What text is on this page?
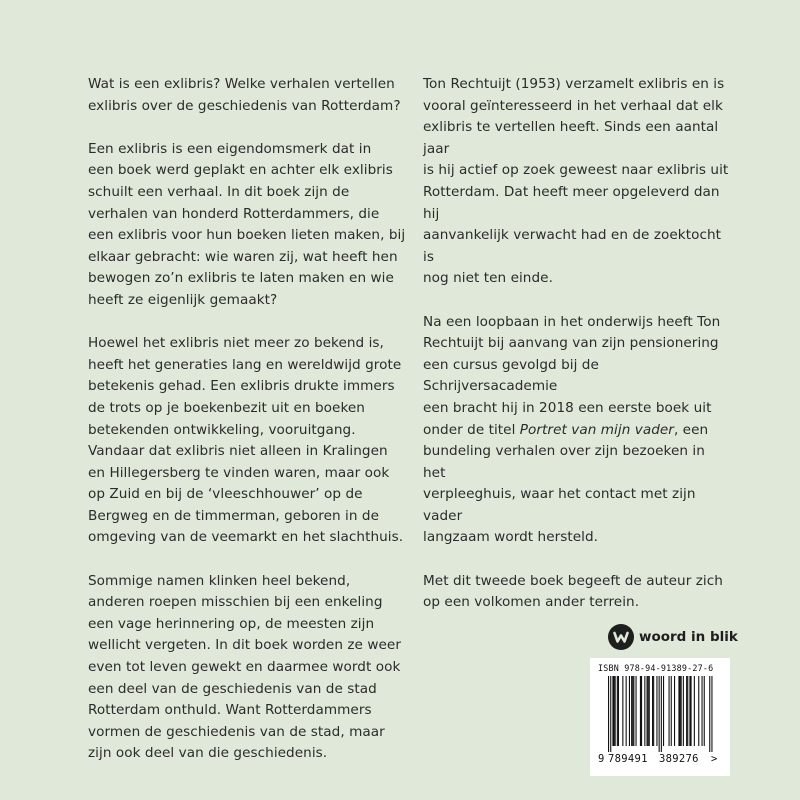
Wat is een exlibris? Welke verhalen vertellen
exlibris over de geschiedenis van Rotterdam?

Een exlibris is een eigendomsmerk dat in
een boek werd geplakt en achter elk exlibris
schuilt een verhaal. In dit boek zijn de
verhalen van honderd Rotterdammers, die
een exlibris voor hun boeken lieten maken, bij
elkaar gebracht: wie waren zij, wat heeft hen
bewogen zo’n exlibris te laten maken en wie
heeft ze eigenlijk gemaakt?

Hoewel het exlibris niet meer zo bekend is,
heeft het generaties lang en wereldwijd grote
betekenis gehad. Een exlibris drukte immers
de trots op je boekenbezit uit en boeken
betekenden ontwikkeling, vooruitgang.
Vandaar dat exlibris niet alleen in Kralingen
en Hillegersberg te vinden waren, maar ook
op Zuid en bij de ‘vleeschhouwer’ op de
Bergweg en de timmerman, geboren in de
omgeving van de veemarkt en het slachthuis.

Sommige namen klinken heel bekend,
anderen roepen misschien bij een enkeling
een vage herinnering op, de meesten zijn
wellicht vergeten. In dit boek worden ze weer
even tot leven gewekt en daarmee wordt ook
een deel van de geschiedenis van de stad
Rotterdam onthuld. Want Rotterdammers
vormen de geschiedenis van de stad, maar
zijn ook deel van die geschiedenis.

Ton Rechtuijt (1953) verzamelt exlibris en is
vooral geïnteresseerd in het verhaal dat elk
exlibris te vertellen heeft. Sinds een aantal jaar
is hij actief op zoek geweest naar exlibris uit
Rotterdam. Dat heeft meer opgeleverd dan hij
aanvankelijk verwacht had en de zoektocht is
nog niet ten einde.

Na een loopbaan in het onderwijs heeft Ton
Rechtuijt bij aanvang van zijn pensionering
een cursus gevolgd bij de Schrijversacademie
een bracht hij in 2018 een eerste boek uit
onder de titel Portret van mijn vader, een
bundeling verhalen over zijn bezoeken in het
verpleeghuis, waar het contact met zijn vader
langzaam wordt hersteld.

Met dit tweede boek begeeft de auteur zich
op een volkomen ander terrein.

woord in blik
ISBN 978-94-91389-27-6
9 789491	389276	>
